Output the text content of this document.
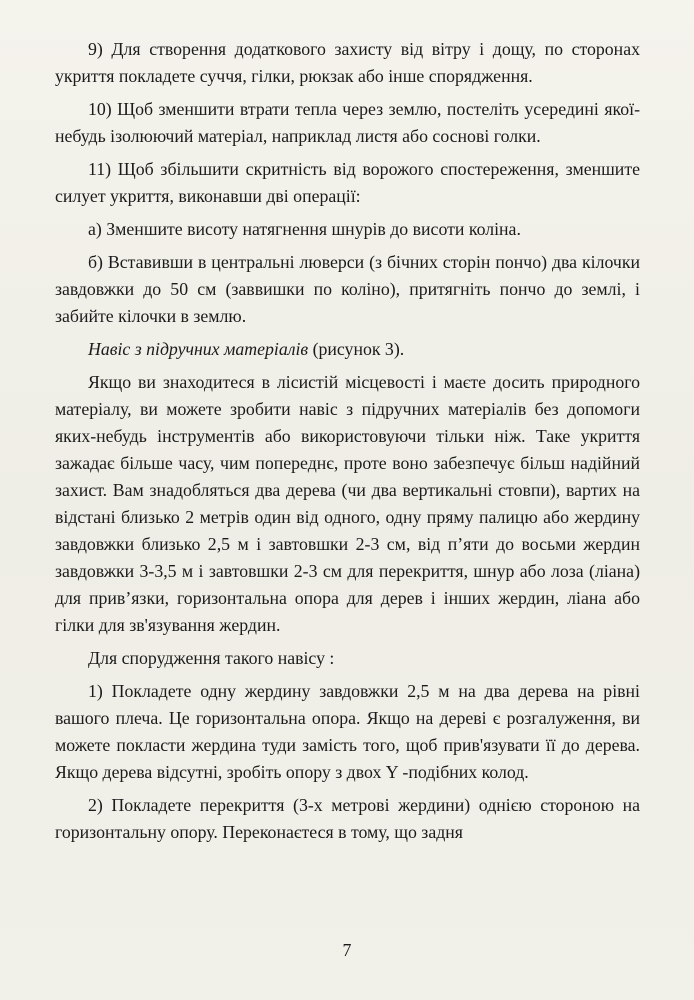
9) Для створення додаткового захисту від вітру і дощу, по сторонах укриття покладете суччя, гілки, рюкзак або інше спорядження.

10) Щоб зменшити втрати тепла через землю, постеліть усередині якої-небудь ізолюючий матеріал, наприклад листя або соснові голки.

11) Щоб збільшити скритність від ворожого спостереження, зменшите силует укриття, виконавши дві операції:

а) Зменшите висоту натягнення шнурів до висоти коліна.

б) Вставивши в центральні люверси (з бічних сторін пончо) два кілочки завдовжки до 50 см (заввишки по коліно), притягніть пончо до землі, і забийте кілочки в землю.

Навіс з підручних матеріалів (рисунок 3).

Якщо ви знаходитеся в лісистій місцевості і маєте досить природного матеріалу, ви можете зробити навіс з підручних матеріалів без допомоги яких-небудь інструментів або використовуючи тільки ніж. Таке укриття зажадає більше часу, чим попереднє, проте воно забезпечує більш надійний захист. Вам знадобляться два дерева (чи два вертикальні стовпи), вартих на відстані близько 2 метрів один від одного, одну пряму палицю або жердину завдовжки близько 2,5 м і завтовшки 2-3 см, від п’яти до восьми жердин завдовжки 3-3,5 м і завтовшки 2-3 см для перекриття, шнур або лоза (ліана) для прив’язки, горизонтальна опора для дерев і інших жердин, ліана або гілки для зв'язування жердин.

Для спорудження такого навісу :

1) Покладете одну жердину завдовжки 2,5 м на два дерева на рівні вашого плеча. Це горизонтальна опора. Якщо на дереві є розгалуження, ви можете покласти жердина туди замість того, щоб прив'язувати її до дерева. Якщо дерева відсутні, зробіть опору з двох Y -подібних колод.

2) Покладете перекриття (3-х метрові жердини) однією стороною на горизонтальну опору. Переконаєтеся в тому, що задня

7
